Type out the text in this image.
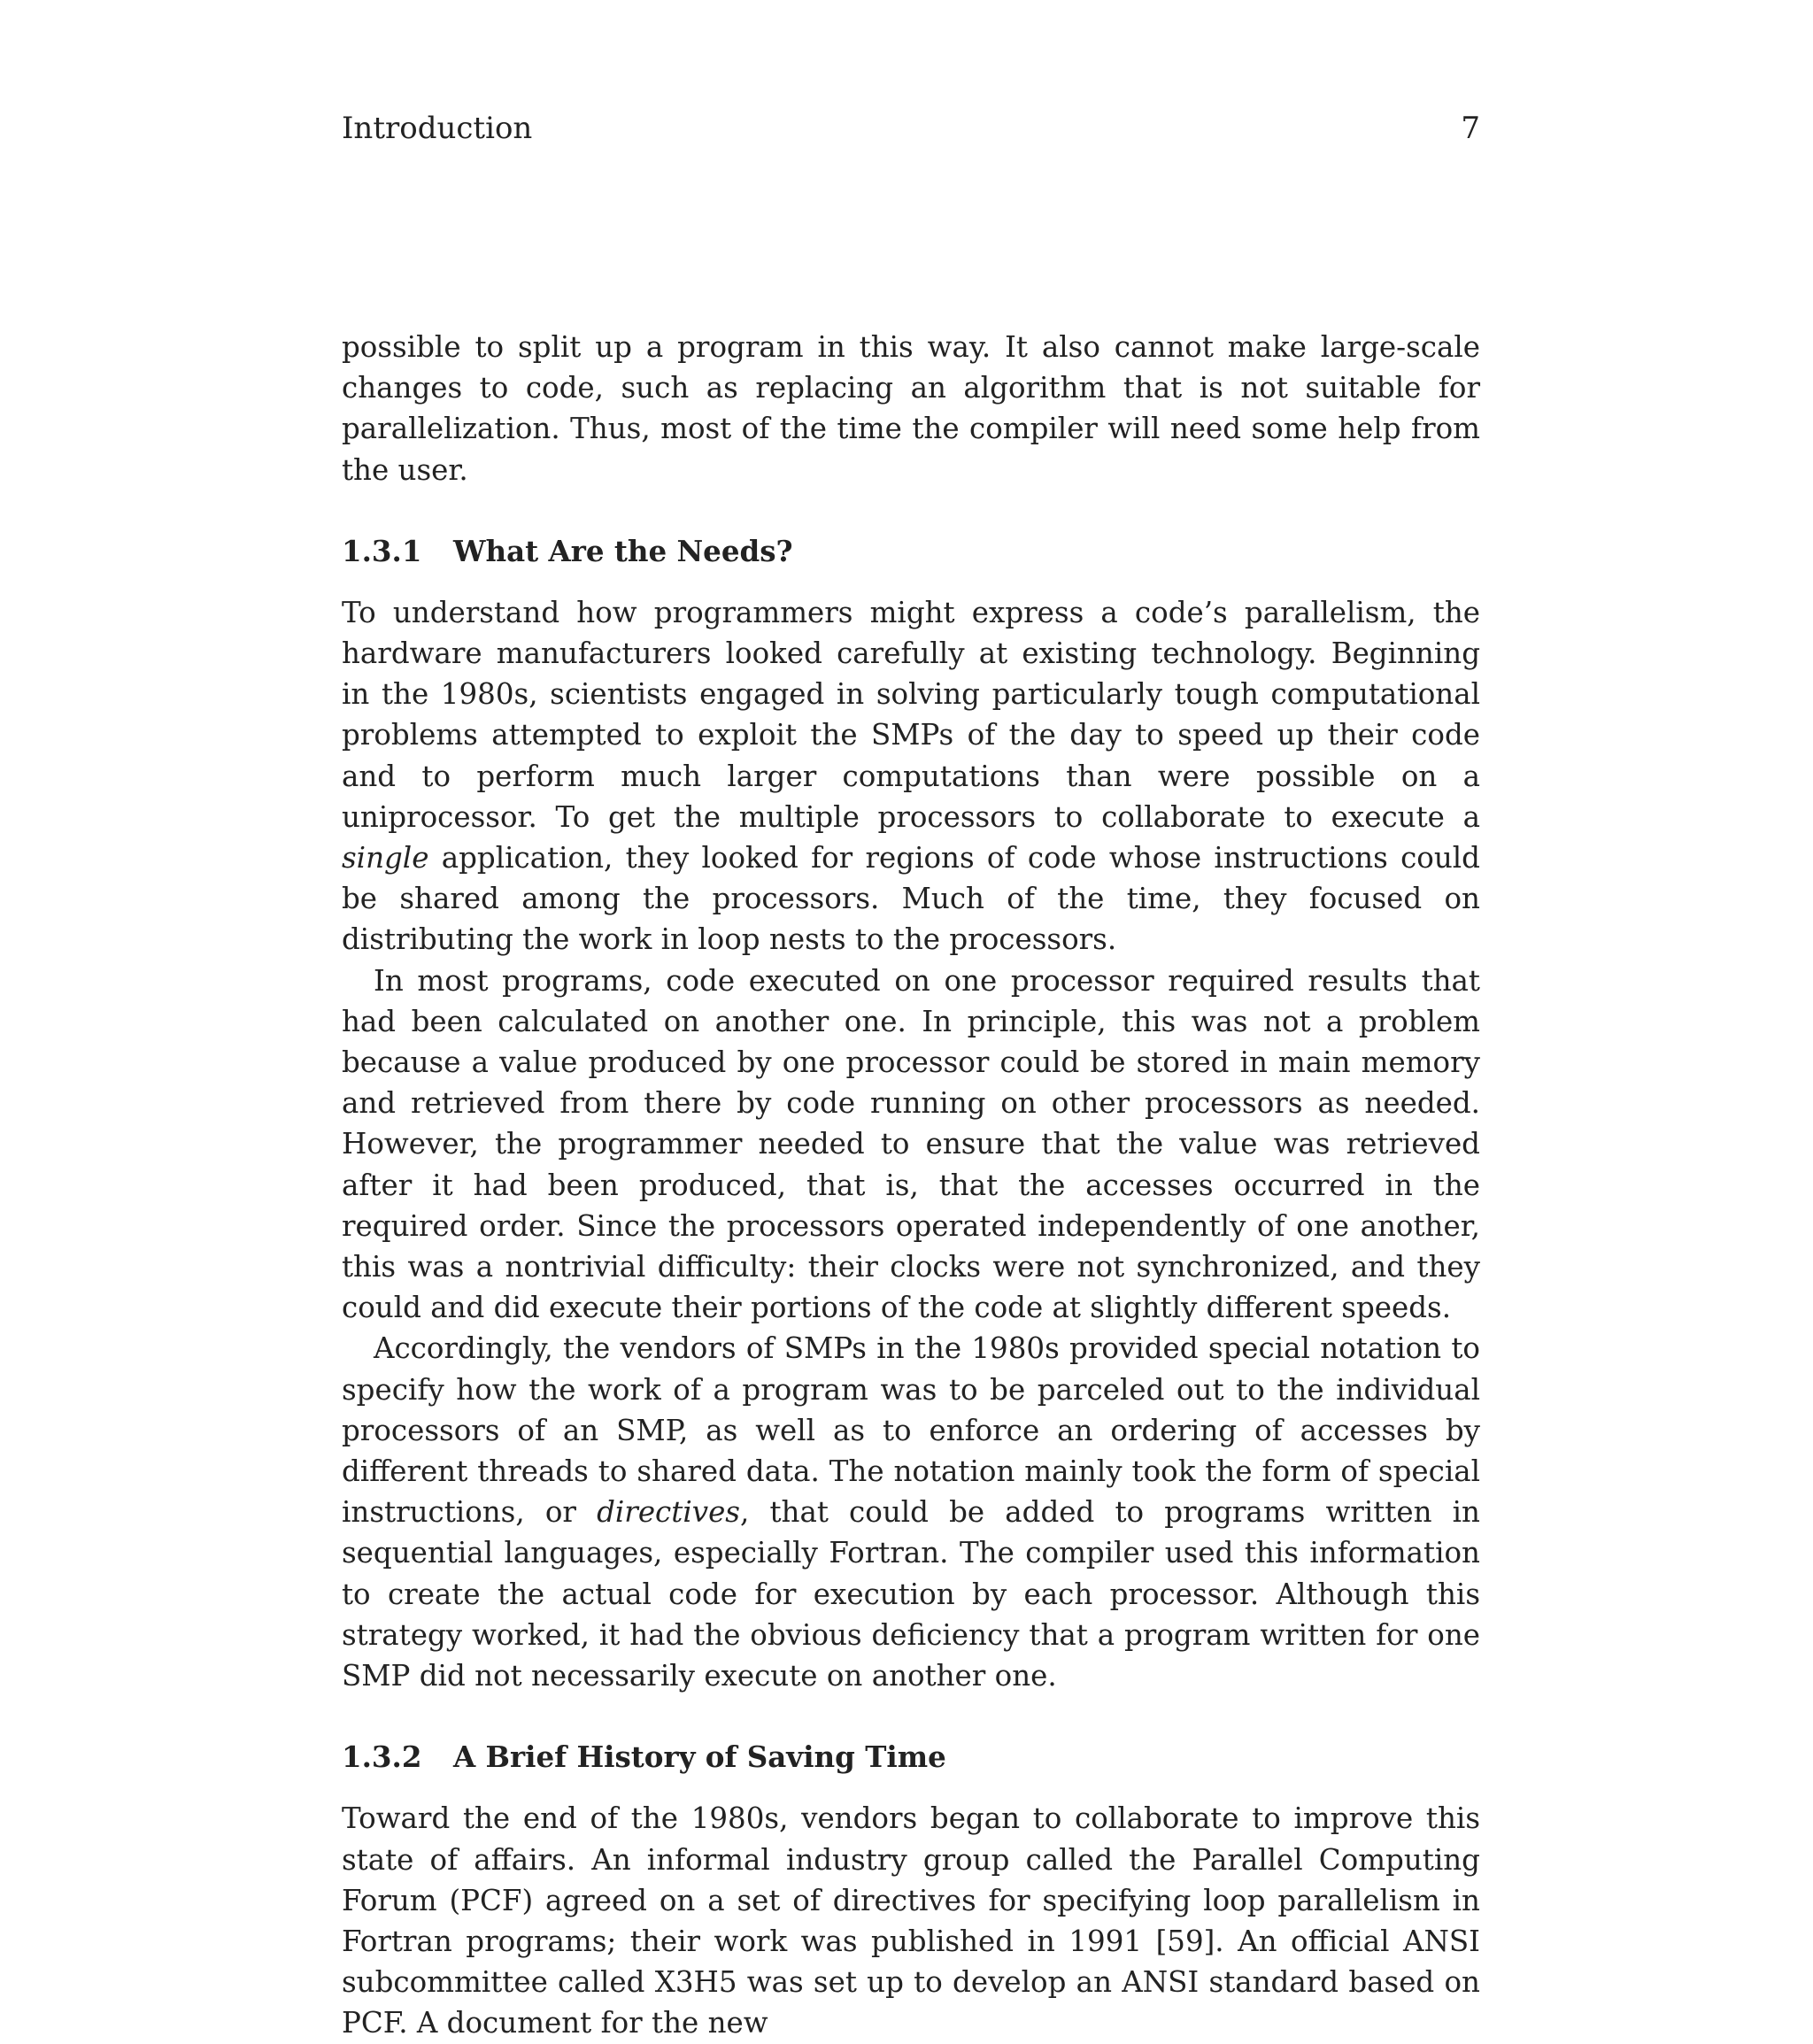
Introduction	7

possible to split up a program in this way. It also cannot make large-scale changes to code, such as replacing an algorithm that is not suitable for parallelization. Thus, most of the time the compiler will need some help from the user.

1.3.1 What Are the Needs?

To understand how programmers might express a code’s parallelism, the hardware manufacturers looked carefully at existing technology. Beginning in the 1980s, scientists engaged in solving particularly tough computational problems attempted to exploit the SMPs of the day to speed up their code and to perform much larger computations than were possible on a uniprocessor. To get the multiple processors to collaborate to execute a single application, they looked for regions of code whose instructions could be shared among the processors. Much of the time, they focused on distributing the work in loop nests to the processors.

In most programs, code executed on one processor required results that had been calculated on another one. In principle, this was not a problem because a value produced by one processor could be stored in main memory and retrieved from there by code running on other processors as needed. However, the programmer needed to ensure that the value was retrieved after it had been produced, that is, that the accesses occurred in the required order. Since the processors operated independently of one another, this was a nontrivial difficulty: their clocks were not synchronized, and they could and did execute their portions of the code at slightly different speeds.

Accordingly, the vendors of SMPs in the 1980s provided special notation to specify how the work of a program was to be parceled out to the individual processors of an SMP, as well as to enforce an ordering of accesses by different threads to shared data. The notation mainly took the form of special instructions, or directives, that could be added to programs written in sequential languages, especially Fortran. The compiler used this information to create the actual code for execution by each processor. Although this strategy worked, it had the obvious deficiency that a program written for one SMP did not necessarily execute on another one.

1.3.2 A Brief History of Saving Time

Toward the end of the 1980s, vendors began to collaborate to improve this state of affairs. An informal industry group called the Parallel Computing Forum (PCF) agreed on a set of directives for specifying loop parallelism in Fortran programs; their work was published in 1991 [59]. An official ANSI subcommittee called X3H5 was set up to develop an ANSI standard based on PCF. A document for the new
